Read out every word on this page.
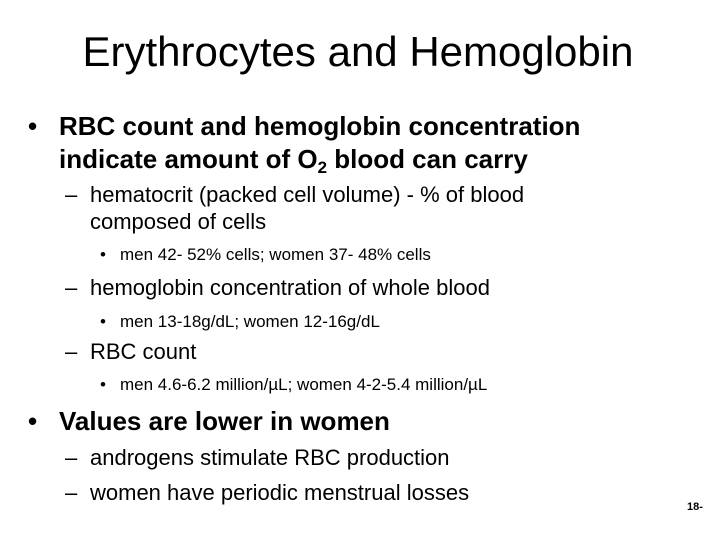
Erythrocytes and Hemoglobin
• RBC count and hemoglobin concentration
indicate amount of $O_2$ blood can carry
– hematocrit (packed cell volume) - % of blood
composed of cells
• men 42- 52% cells; women 37- 48% cells
– hemoglobin concentration of whole blood
• men 13-18g/dL; women 12-16g/dL
– RBC count
• men 4.6-6.2 million/µL; women 4-2-5.4 million/µL
• Values are lower in women
– androgens stimulate RBC production
– women have periodic menstrual losses
18-
